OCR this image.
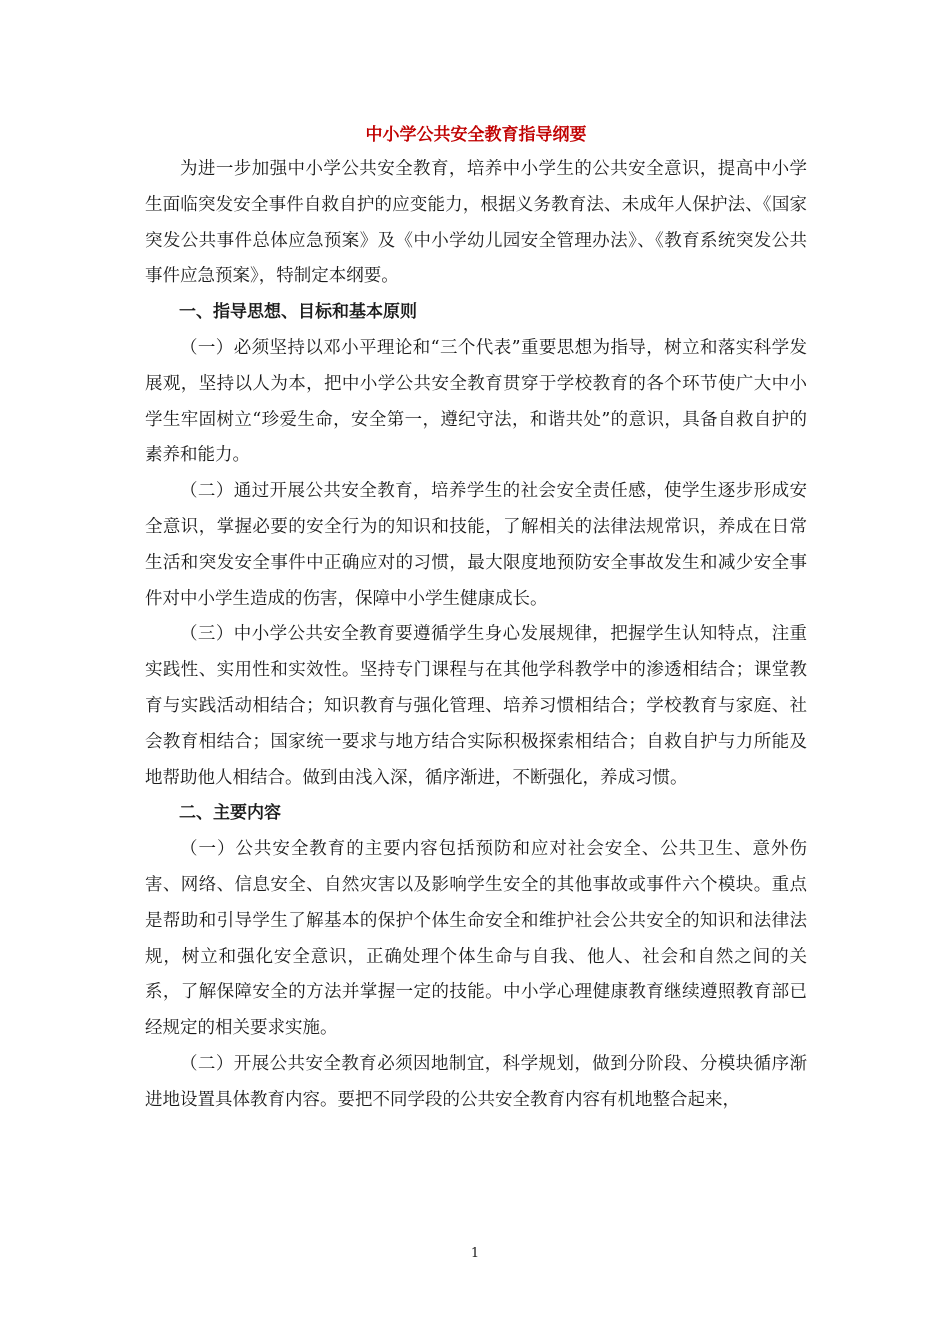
中小学公共安全教育指导纲要

为进一步加强中小学公共安全教育，培养中小学生的公共安全意识，提高中小学生面临突发安全事件自救自护的应变能力，根据义务教育法、未成年人保护法、《国家突发公共事件总体应急预案》及《中小学幼儿园安全管理办法》、《教育系统突发公共事件应急预案》，特制定本纲要。

一、指导思想、目标和基本原则

（一）必须坚持以邓小平理论和“三个代表”重要思想为指导，树立和落实科学发展观，坚持以人为本，把中小学公共安全教育贯穿于学校教育的各个环节使广大中小学生牢固树立“珍爱生命，安全第一，遵纪守法，和谐共处”的意识，具备自救自护的素养和能力。

（二）通过开展公共安全教育，培养学生的社会安全责任感，使学生逐步形成安全意识，掌握必要的安全行为的知识和技能，了解相关的法律法规常识，养成在日常生活和突发安全事件中正确应对的习惯，最大限度地预防安全事故发生和减少安全事件对中小学生造成的伤害，保障中小学生健康成长。

（三）中小学公共安全教育要遵循学生身心发展规律，把握学生认知特点，注重实践性、实用性和实效性。坚持专门课程与在其他学科教学中的渗透相结合；课堂教育与实践活动相结合；知识教育与强化管理、培养习惯相结合；学校教育与家庭、社会教育相结合；国家统一要求与地方结合实际积极探索相结合；自救自护与力所能及地帮助他人相结合。做到由浅入深，循序渐进，不断强化，养成习惯。

二、主要内容

（一）公共安全教育的主要内容包括预防和应对社会安全、公共卫生、意外伤害、网络、信息安全、自然灾害以及影响学生安全的其他事故或事件六个模块。重点是帮助和引导学生了解基本的保护个体生命安全和维护社会公共安全的知识和法律法规，树立和强化安全意识，正确处理个体生命与自我、他人、社会和自然之间的关系，了解保障安全的方法并掌握一定的技能。中小学心理健康教育继续遵照教育部已经规定的相关要求实施。

（二）开展公共安全教育必须因地制宜，科学规划，做到分阶段、分模块循序渐进地设置具体教育内容。要把不同学段的公共安全教育内容有机地整合起来，

1
